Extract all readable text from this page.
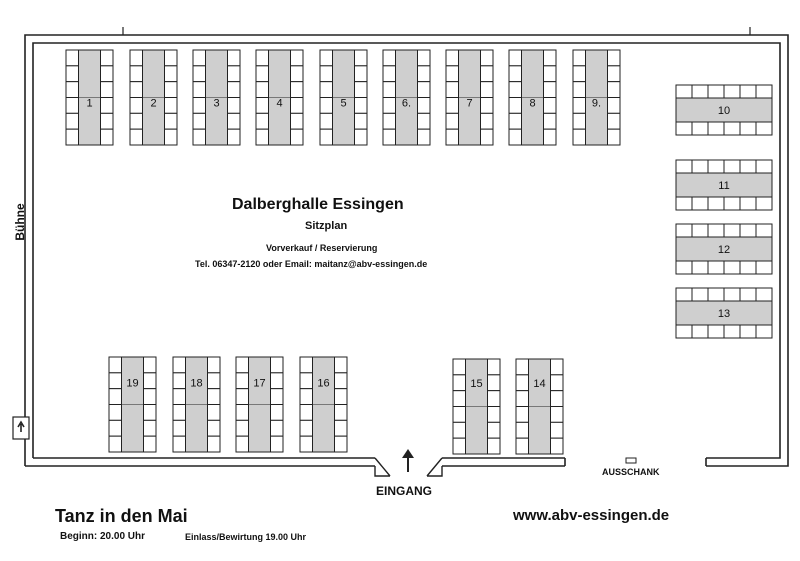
1	2	3	4	5	6.	7	8	9.
10
11
12
13
19	18	17	16	15	14
Bühne	Dalberghalle Essingen
Sitzplan
Vorverkauf / Reservierung
Tel. 06347-2120 oder Email: maitanz@abv-essingen.de
EINGANG
AUSSCHANK
Tanz in den Mai
Beginn: 20.00 Uhr	Einlass/Bewirtung 19.00 Uhr
www.abv-essingen.de
